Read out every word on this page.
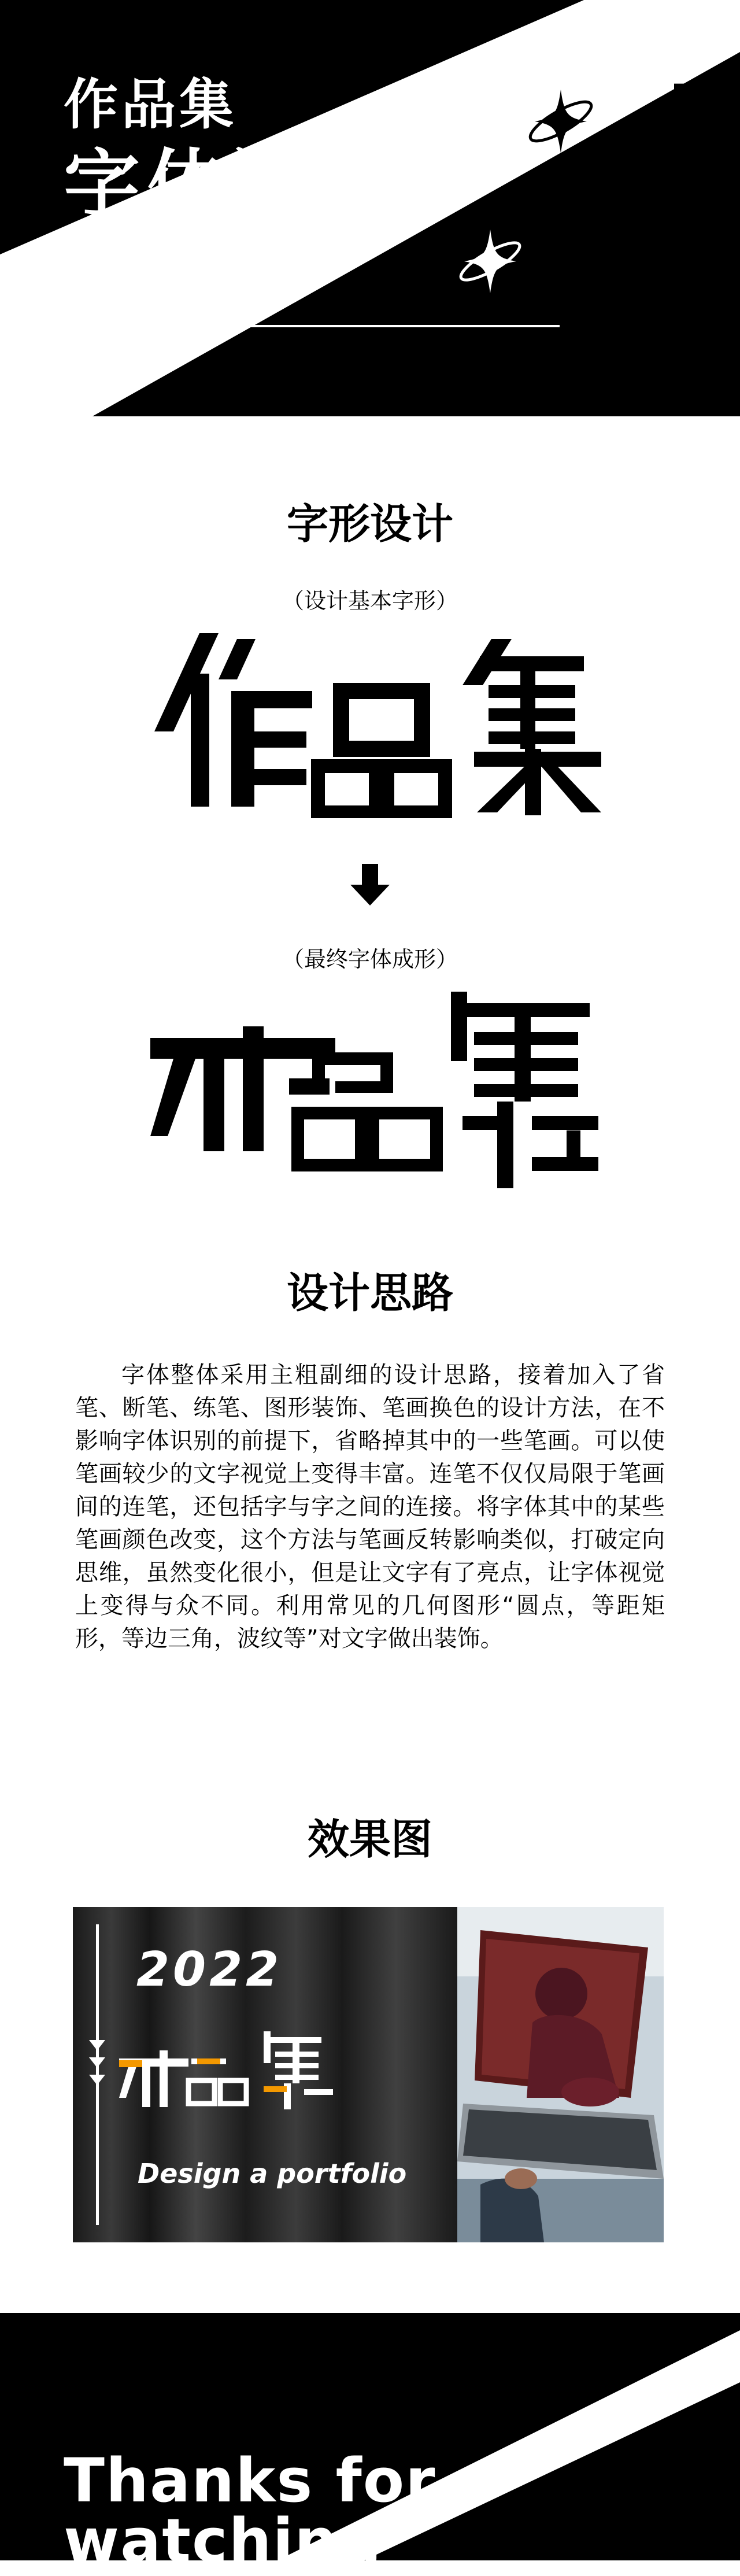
作品集
字体设计
Font design	DESIGN UI
字形设计
（设计基本字形）
（最终字体成形）
设计思路
字体整体采用主粗副细的设计思路，接着加入了省笔、断笔、练笔、图形装饰、笔画换色的设计方法，在不影响字体识别的前提下，省略掉其中的一些笔画。可以使笔画较少的文字视觉上变得丰富。连笔不仅仅局限于笔画间的连笔，还包括字与字之间的连接。将字体其中的某些笔画颜色改变，这个方法与笔画反转影响类似，打破定向思维，虽然变化很小，但是让文字有了亮点，让字体视觉上变得与众不同。利用常见的几何图形“圆点，等距矩形，等边三角，波纹等”对文字做出装饰。
效果图
2022
Design a portfolio
Thanks for watching
